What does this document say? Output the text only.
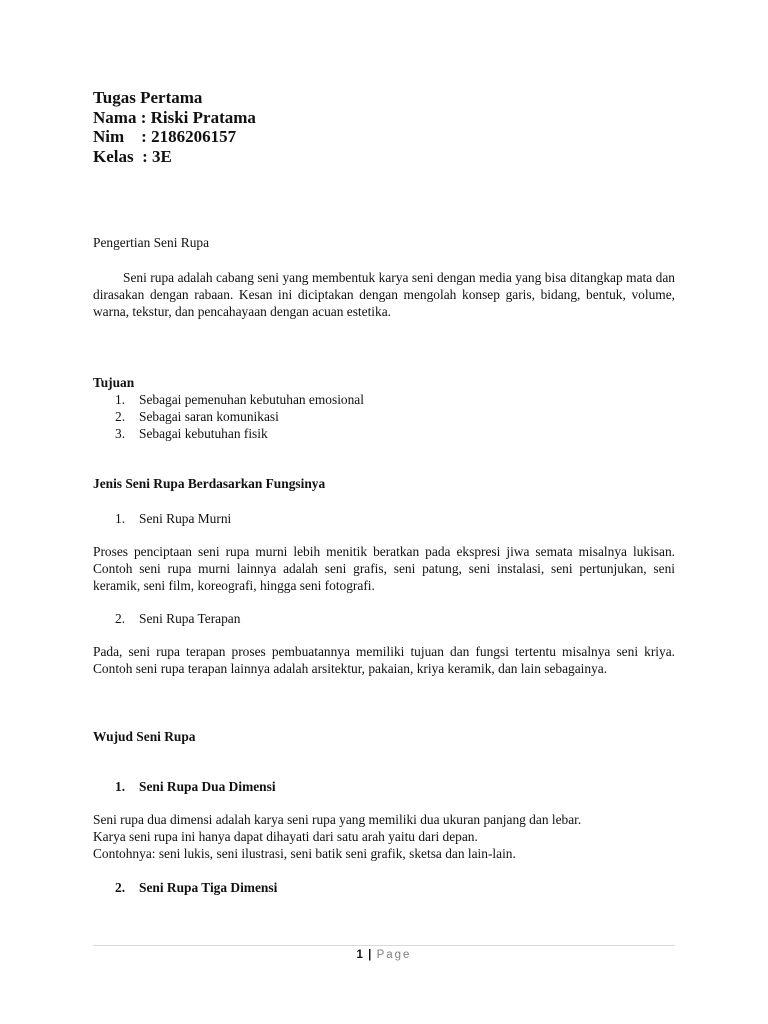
Tugas Pertama
Nama : Riski Pratama
Nim    : 2186206157
Kelas  : 3E
Pengertian Seni Rupa
Seni rupa adalah cabang seni yang membentuk karya seni dengan media yang bisa ditangkap mata dan dirasakan dengan rabaan. Kesan ini diciptakan dengan mengolah konsep garis, bidang, bentuk, volume, warna, tekstur, dan pencahayaan dengan acuan estetika.
Tujuan
1.	Sebagai pemenuhan kebutuhan emosional
2.	Sebagai saran komunikasi
3.	Sebagai kebutuhan fisik
Jenis Seni Rupa Berdasarkan Fungsinya
1. Seni Rupa Murni
Proses penciptaan seni rupa murni lebih menitik beratkan pada ekspresi jiwa semata misalnya lukisan. Contoh seni rupa murni lainnya adalah seni grafis, seni patung, seni instalasi, seni pertunjukan, seni keramik, seni film, koreografi, hingga seni fotografi.
2. Seni Rupa Terapan
Pada, seni rupa terapan proses pembuatannya memiliki tujuan dan fungsi tertentu misalnya seni kriya. Contoh seni rupa terapan lainnya adalah arsitektur, pakaian, kriya keramik, dan lain sebagainya.
Wujud Seni Rupa
1. Seni Rupa Dua Dimensi
Seni rupa dua dimensi adalah karya seni rupa yang memiliki dua ukuran panjang dan lebar.
Karya seni rupa ini hanya dapat dihayati dari satu arah yaitu dari depan.
Contohnya: seni lukis, seni ilustrasi, seni batik seni grafik, sketsa dan lain-lain.
2. Seni Rupa Tiga Dimensi
1 | Page
